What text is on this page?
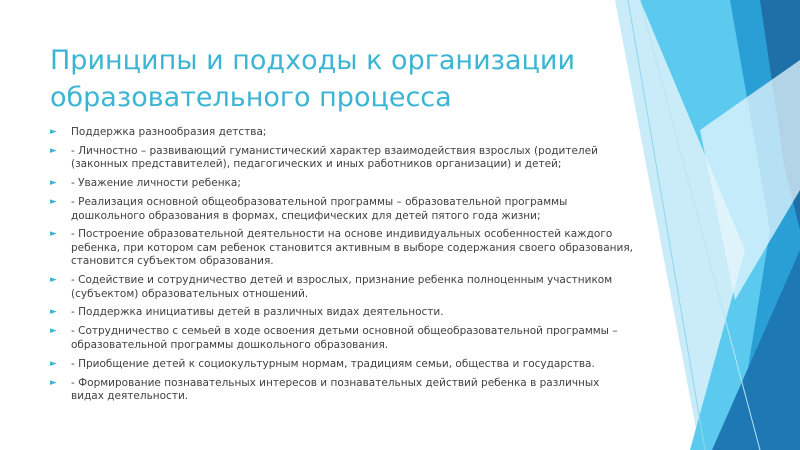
Принципы и подходы к организации образовательного процесса
► Поддержка разнообразия детства;
► - Личностно – развивающий гуманистический характер взаимодействия взрослых (родителей (законных представителей), педагогических и иных работников организации) и детей;
► - Уважение личности ребенка;
► - Реализация основной общеобразовательной программы – образовательной программы дошкольного образования в формах, специфических для детей пятого года жизни;
► - Построение образовательной деятельности на основе индивидуальных особенностей каждого ребенка, при котором сам ребенок становится активным в выборе содержания своего образования, становится субъектом образования.
► - Содействие и сотрудничество детей и взрослых, признание ребенка полноценным участником (субъектом) образовательных отношений.
► - Поддержка инициативы детей в различных видах деятельности.
► - Сотрудничество с семьей в ходе освоения детьми основной общеобразовательной программы – образовательной программы дошкольного образования.
► - Приобщение детей к социокультурным нормам, традициям семьи, общества и государства.
► - Формирование познавательных интересов и познавательных действий ребенка в различных видах деятельности.
